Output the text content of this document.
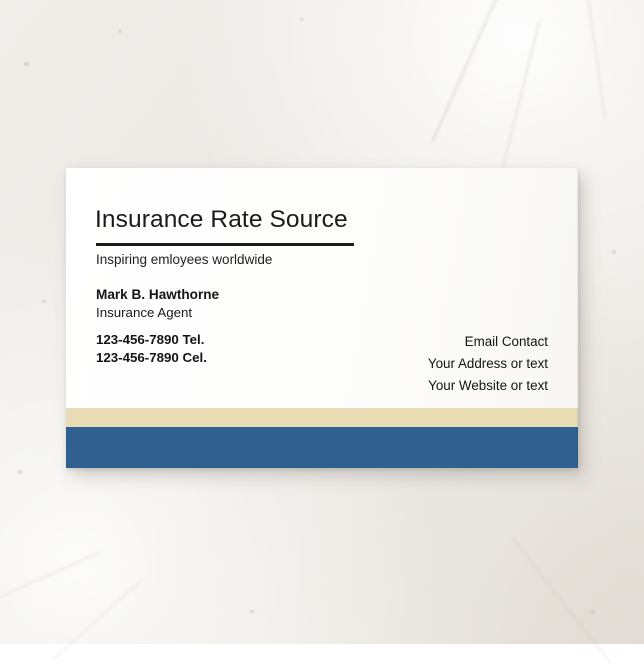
Insurance Rate Source
Inspiring emloyees worldwide
Mark B. Hawthorne
Insurance Agent
123-456-7890 Tel.
123-456-7890 Cel.
Email Contact
Your Address or text
Your Website or text
